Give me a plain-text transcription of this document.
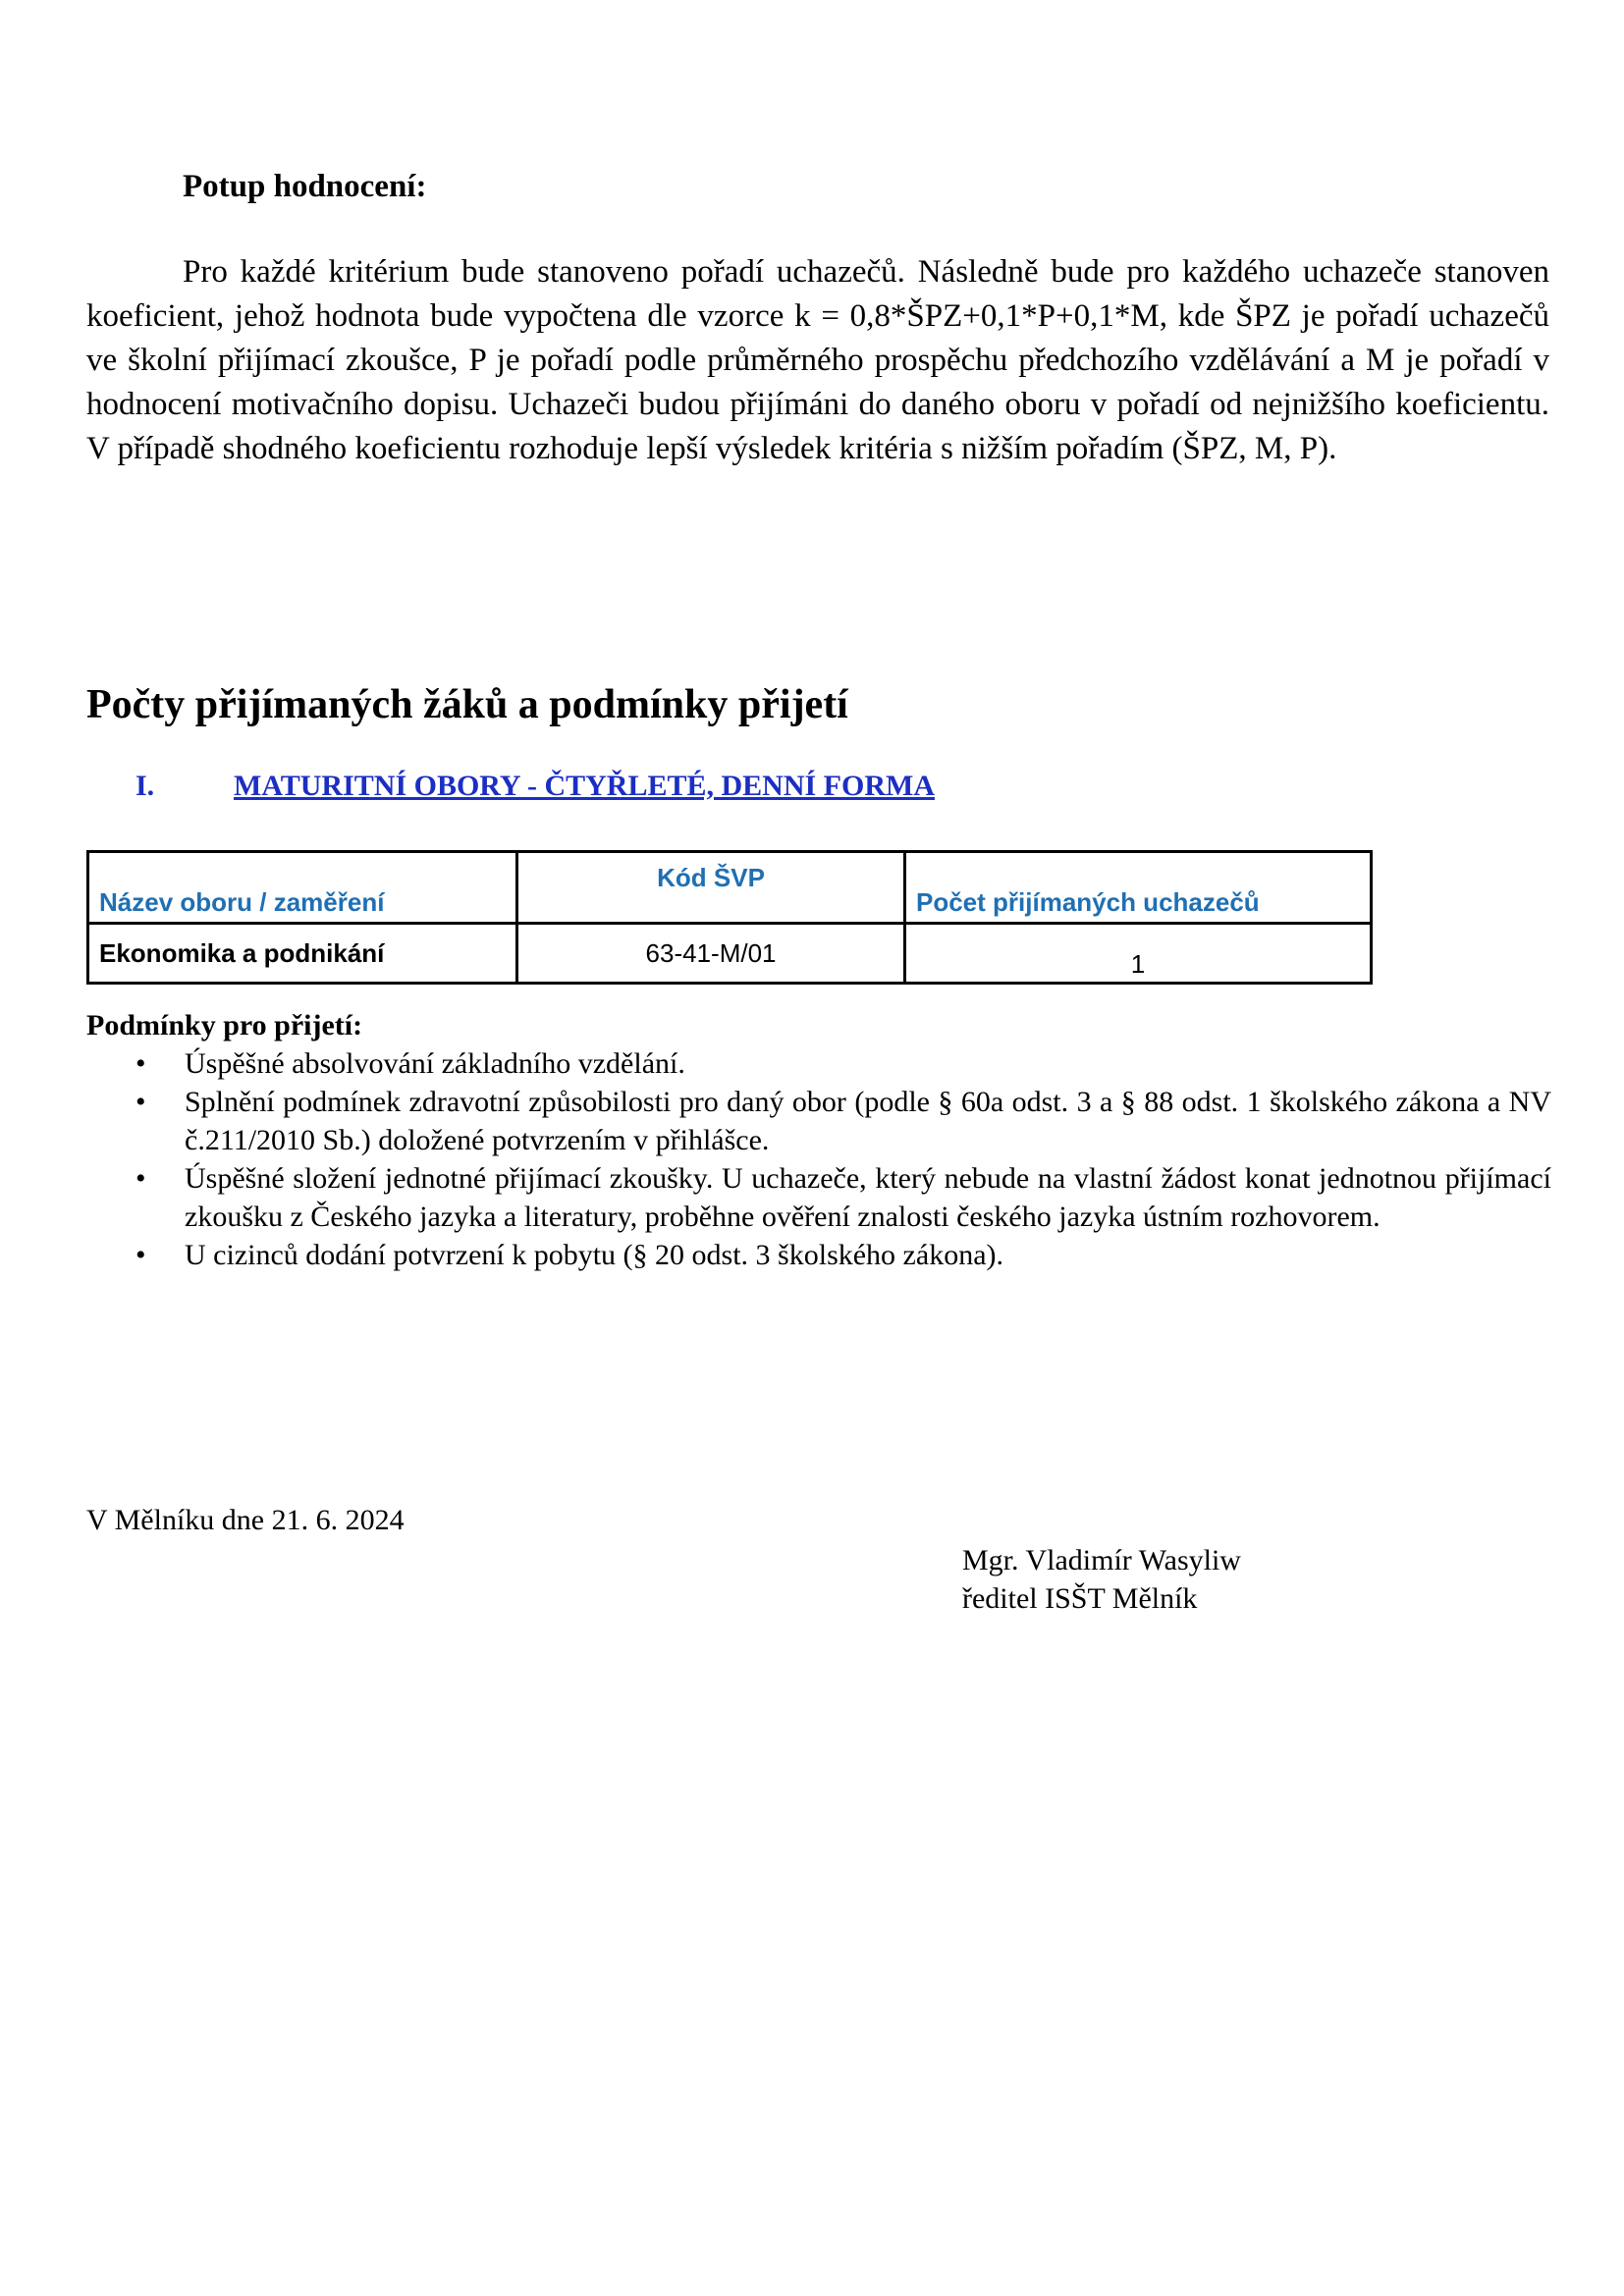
Potup hodnocení:

Pro každé kritérium bude stanoveno pořadí uchazečů. Následně bude pro každého uchazeče stanoven koeficient, jehož hodnota bude vypočtena dle vzorce k = 0,8*ŠPZ+0,1*P+0,1*M, kde ŠPZ je pořadí uchazečů ve školní přijímací zkoušce, P je pořadí podle průměrného prospěchu předchozího vzdělávání a M je pořadí v hodnocení motivačního dopisu. Uchazeči budou přijímáni do daného oboru v pořadí od nejnižšího koeficientu. V případě shodného koeficientu rozhoduje lepší výsledek kritéria s nižším pořadím (ŠPZ, M, P).

Počty přijímaných žáků a podmínky přijetí
I.	MATURITNÍ OBORY - ČTYŘLETÉ, DENNÍ FORMA
Název oboru / zaměření	Kód ŠVP	Počet přijímaných uchazečů
Ekonomika a podnikání	63-41-M/01	1
Podmínky pro přijetí:
• Úspěšné absolvování základního vzdělání.
• Splnění podmínek zdravotní způsobilosti pro daný obor (podle § 60a odst. 3 a § 88 odst. 1 školského zákona a NV č.211/2010 Sb.) doložené potvrzením v přihlášce.
• Úspěšné složení jednotné přijímací zkoušky. U uchazeče, který nebude na vlastní žádost konat jednotnou přijímací zkoušku z Českého jazyka a literatury, proběhne ověření znalosti českého jazyka ústním rozhovorem.
• U cizinců dodání potvrzení k pobytu (§ 20 odst. 3 školského zákona).
V Mělníku dne 21. 6. 2024
Mgr. Vladimír Wasyliw
ředitel ISŠT Mělník
